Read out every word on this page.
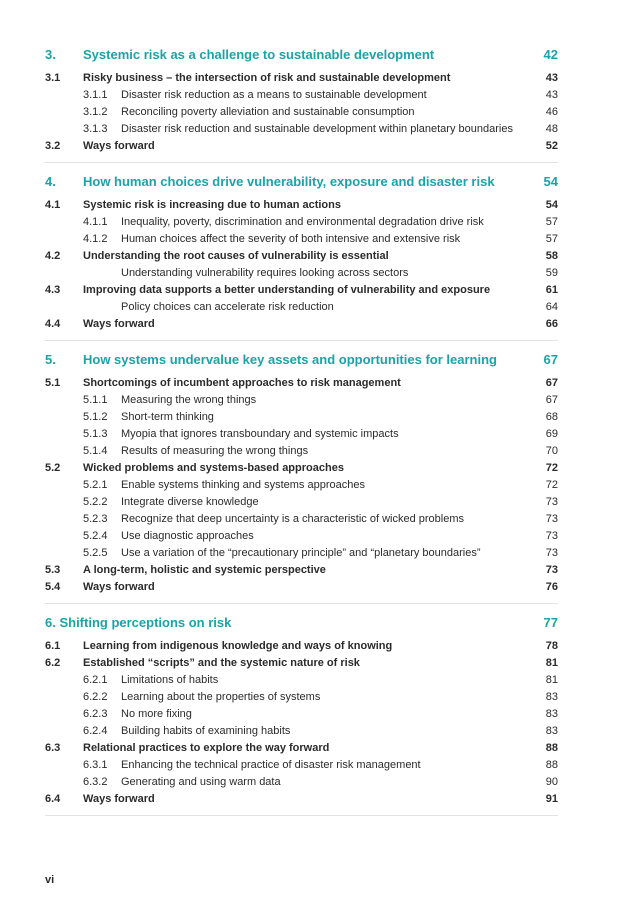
3.	Systemic risk as a challenge to sustainable development	42
3.1	Risky business – the intersection of risk and sustainable development	43
3.1.1	Disaster risk reduction as a means to sustainable development	43
3.1.2	Reconciling poverty alleviation and sustainable consumption	46
3.1.3	Disaster risk reduction and sustainable development within planetary boundaries	48
3.2	Ways forward	52
4.	How human choices drive vulnerability, exposure and disaster risk	54
4.1	Systemic risk is increasing due to human actions	54
4.1.1	Inequality, poverty, discrimination and environmental degradation drive risk	57
4.1.2	Human choices affect the severity of both intensive and extensive risk	57
4.2	Understanding the root causes of vulnerability is essential	58
Understanding vulnerability requires looking across sectors	59
4.3	Improving data supports a better understanding of vulnerability and exposure	61
Policy choices can accelerate risk reduction	64
4.4	Ways forward	66
5.	How systems undervalue key assets and opportunities for learning	67
5.1	Shortcomings of incumbent approaches to risk management	67
5.1.1	Measuring the wrong things	67
5.1.2	Short-term thinking	68
5.1.3	Myopia that ignores transboundary and systemic impacts	69
5.1.4	Results of measuring the wrong things	70
5.2	Wicked problems and systems-based approaches	72
5.2.1	Enable systems thinking and systems approaches	72
5.2.2	Integrate diverse knowledge	73
5.2.3	Recognize that deep uncertainty is a characteristic of wicked problems	73
5.2.4	Use diagnostic approaches	73
5.2.5	Use a variation of the “precautionary principle” and “planetary boundaries”	73
5.3	A long-term, holistic and systemic perspective	73
5.4	Ways forward	76
6. Shifting perceptions on risk	77
6.1	Learning from indigenous knowledge and ways of knowing	78
6.2	Established “scripts” and the systemic nature of risk	81
6.2.1	Limitations of habits	81
6.2.2	Learning about the properties of systems	83
6.2.3	No more fixing	83
6.2.4	Building habits of examining habits	83
6.3	Relational practices to explore the way forward	88
6.3.1	Enhancing the technical practice of disaster risk management	88
6.3.2	Generating and using warm data	90
6.4	Ways forward	91
vi
